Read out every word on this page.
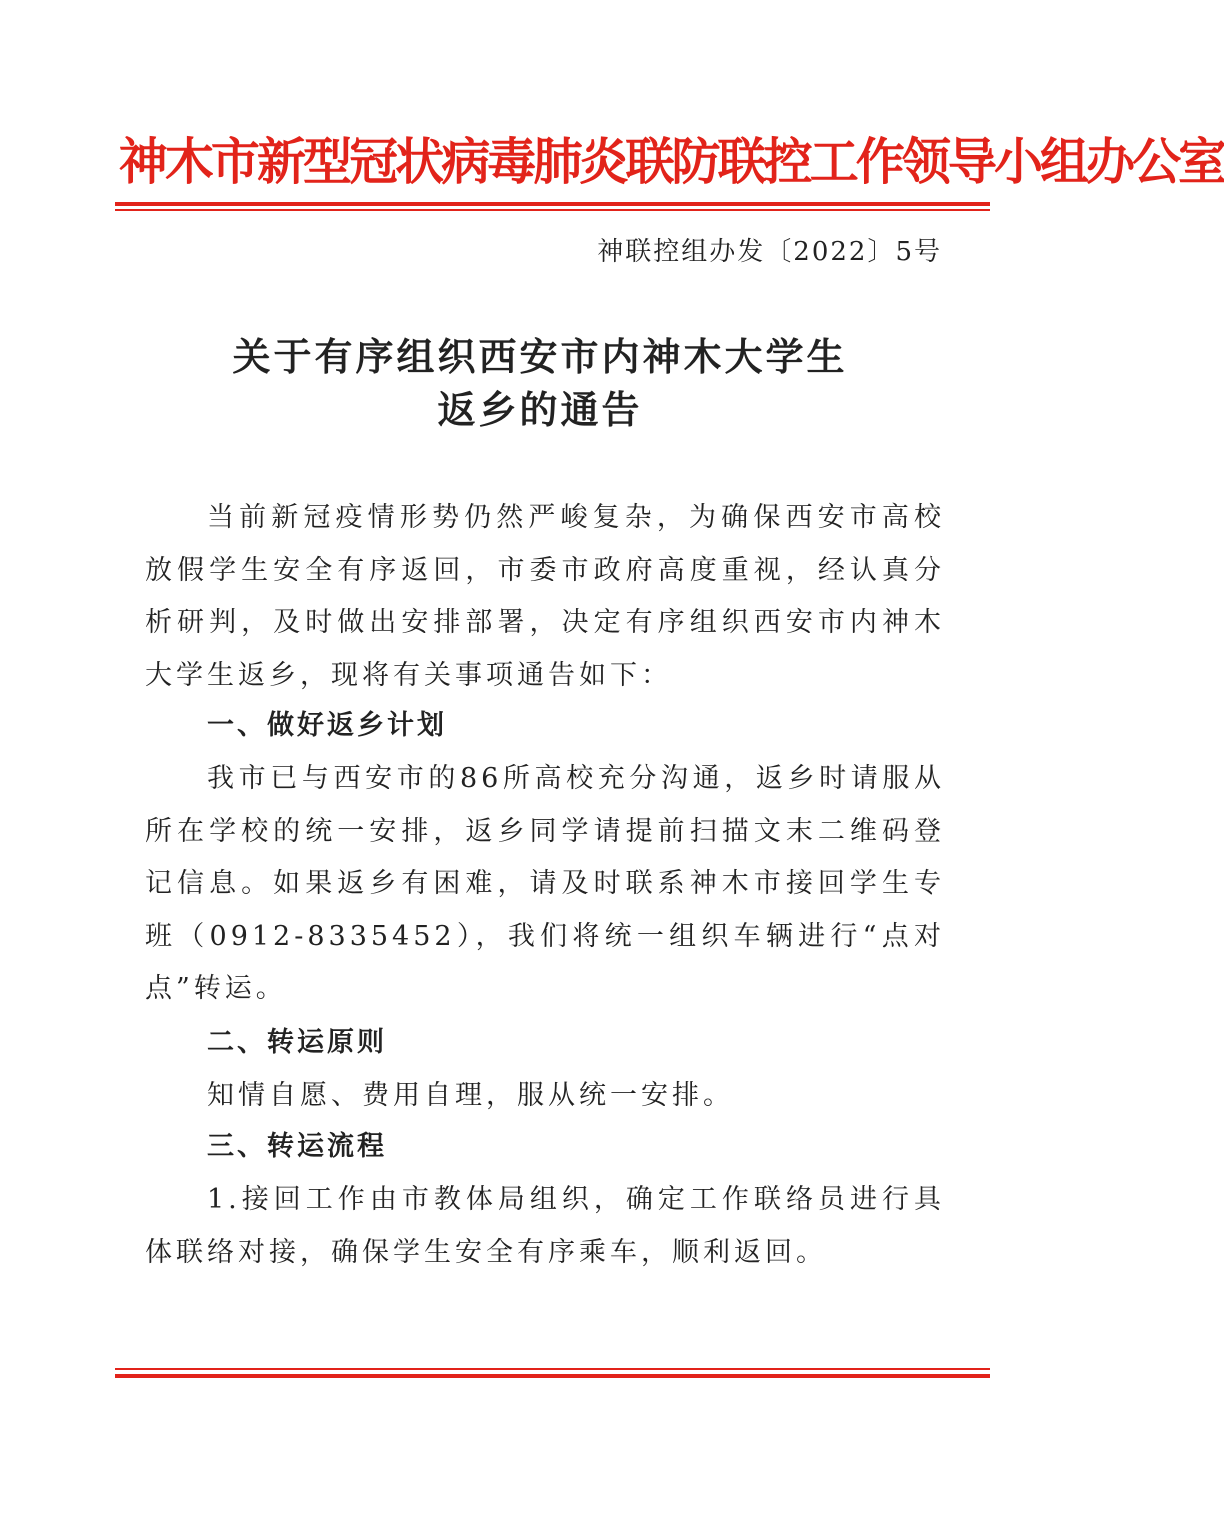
神木市新型冠状病毒肺炎联防联控工作领导小组办公室
神联控组办发〔2022〕5号
关于有序组织西安市内神木大学生
返乡的通告

当前新冠疫情形势仍然严峻复杂，为确保西安市高校放假学生安全有序返回，市委市政府高度重视，经认真分析研判，及时做出安排部署，决定有序组织西安市内神木大学生返乡，现将有关事项通告如下：

一、做好返乡计划

我市已与西安市的86所高校充分沟通，返乡时请服从所在学校的统一安排，返乡同学请提前扫描文末二维码登记信息。如果返乡有困难，请及时联系神木市接回学生专班（0912-8335452），我们将统一组织车辆进行“点对点”转运。

二、转运原则

知情自愿、费用自理，服从统一安排。

三、转运流程

1.接回工作由市教体局组织，确定工作联络员进行具体联络对接，确保学生安全有序乘车，顺利返回。
